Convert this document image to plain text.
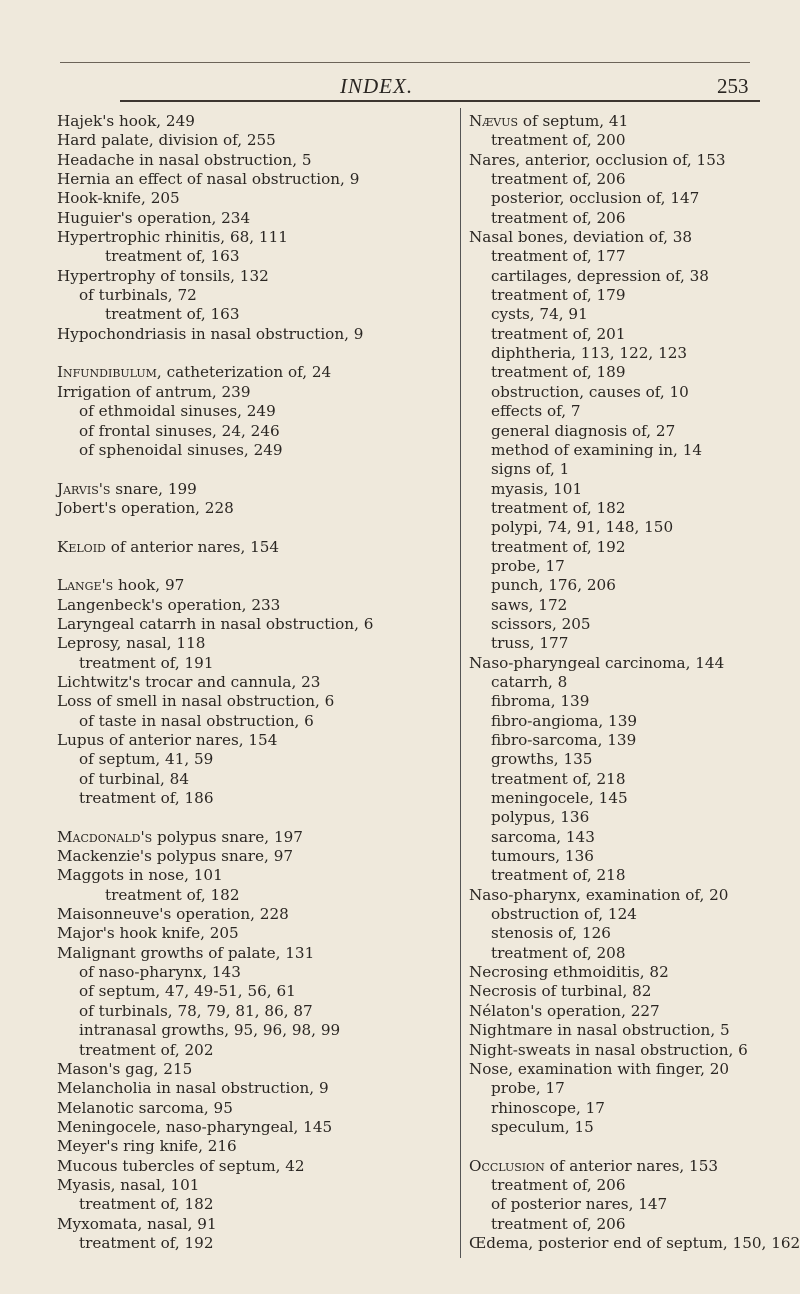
INDEX.	253
Hajek's hook, 249
Hard palate, division of, 255
Headache in nasal obstruction, 5
Hernia an effect of nasal obstruction, 9
Hook-knife, 205
Huguier's operation, 234
Hypertrophic rhinitis, 68, 111
treatment of, 163
Hypertrophy of tonsils, 132
of turbinals, 72
treatment of, 163
Hypochondriasis in nasal obstruction, 9
Infundibulum, catheterization of, 24
Irrigation of antrum, 239
of ethmoidal sinuses, 249
of frontal sinuses, 24, 246
of sphenoidal sinuses, 249
Jarvis's snare, 199
Jobert's operation, 228
Keloid of anterior nares, 154
Lange's hook, 97
Langenbeck's operation, 233
Laryngeal catarrh in nasal obstruction, 6
Leprosy, nasal, 118
treatment of, 191
Lichtwitz's trocar and cannula, 23
Loss of smell in nasal obstruction, 6
of taste in nasal obstruction, 6
Lupus of anterior nares, 154
of septum, 41, 59
of turbinal, 84
treatment of, 186
Macdonald's polypus snare, 197
Mackenzie's polypus snare, 97
Maggots in nose, 101
treatment of, 182
Maisonneuve's operation, 228
Major's hook knife, 205
Malignant growths of palate, 131
of naso-pharynx, 143
of septum, 47, 49-51, 56, 61
of turbinals, 78, 79, 81, 86, 87
intranasal growths, 95, 96, 98, 99
treatment of, 202
Mason's gag, 215
Melancholia in nasal obstruction, 9
Melanotic sarcoma, 95
Meningocele, naso-pharyngeal, 145
Meyer's ring knife, 216
Mucous tubercles of septum, 42
Myasis, nasal, 101
treatment of, 182
Myxomata, nasal, 91
treatment of, 192
Nævus of septum, 41
treatment of, 200
Nares, anterior, occlusion of, 153
treatment of, 206
posterior, occlusion of, 147
treatment of, 206
Nasal bones, deviation of, 38
treatment of, 177
cartilages, depression of, 38
treatment of, 179
cysts, 74, 91
treatment of, 201
diphtheria, 113, 122, 123
treatment of, 189
obstruction, causes of, 10
effects of, 7
general diagnosis of, 27
method of examining in, 14
signs of, 1
myasis, 101
treatment of, 182
polypi, 74, 91, 148, 150
treatment of, 192
probe, 17
punch, 176, 206
saws, 172
scissors, 205
truss, 177
Naso-pharyngeal carcinoma, 144
catarrh, 8
fibroma, 139
fibro-angioma, 139
fibro-sarcoma, 139
growths, 135
treatment of, 218
meningocele, 145
polypus, 136
sarcoma, 143
tumours, 136
treatment of, 218
Naso-pharynx, examination of, 20
obstruction of, 124
stenosis of, 126
treatment of, 208
Necrosing ethmoiditis, 82
Necrosis of turbinal, 82
Nélaton's operation, 227
Nightmare in nasal obstruction, 5
Night-sweats in nasal obstruction, 6
Nose, examination with finger, 20
probe, 17
rhinoscope, 17
speculum, 15
Occlusion of anterior nares, 153
treatment of, 206
of posterior nares, 147
treatment of, 206
Œdema, posterior end of septum, 150, 162
